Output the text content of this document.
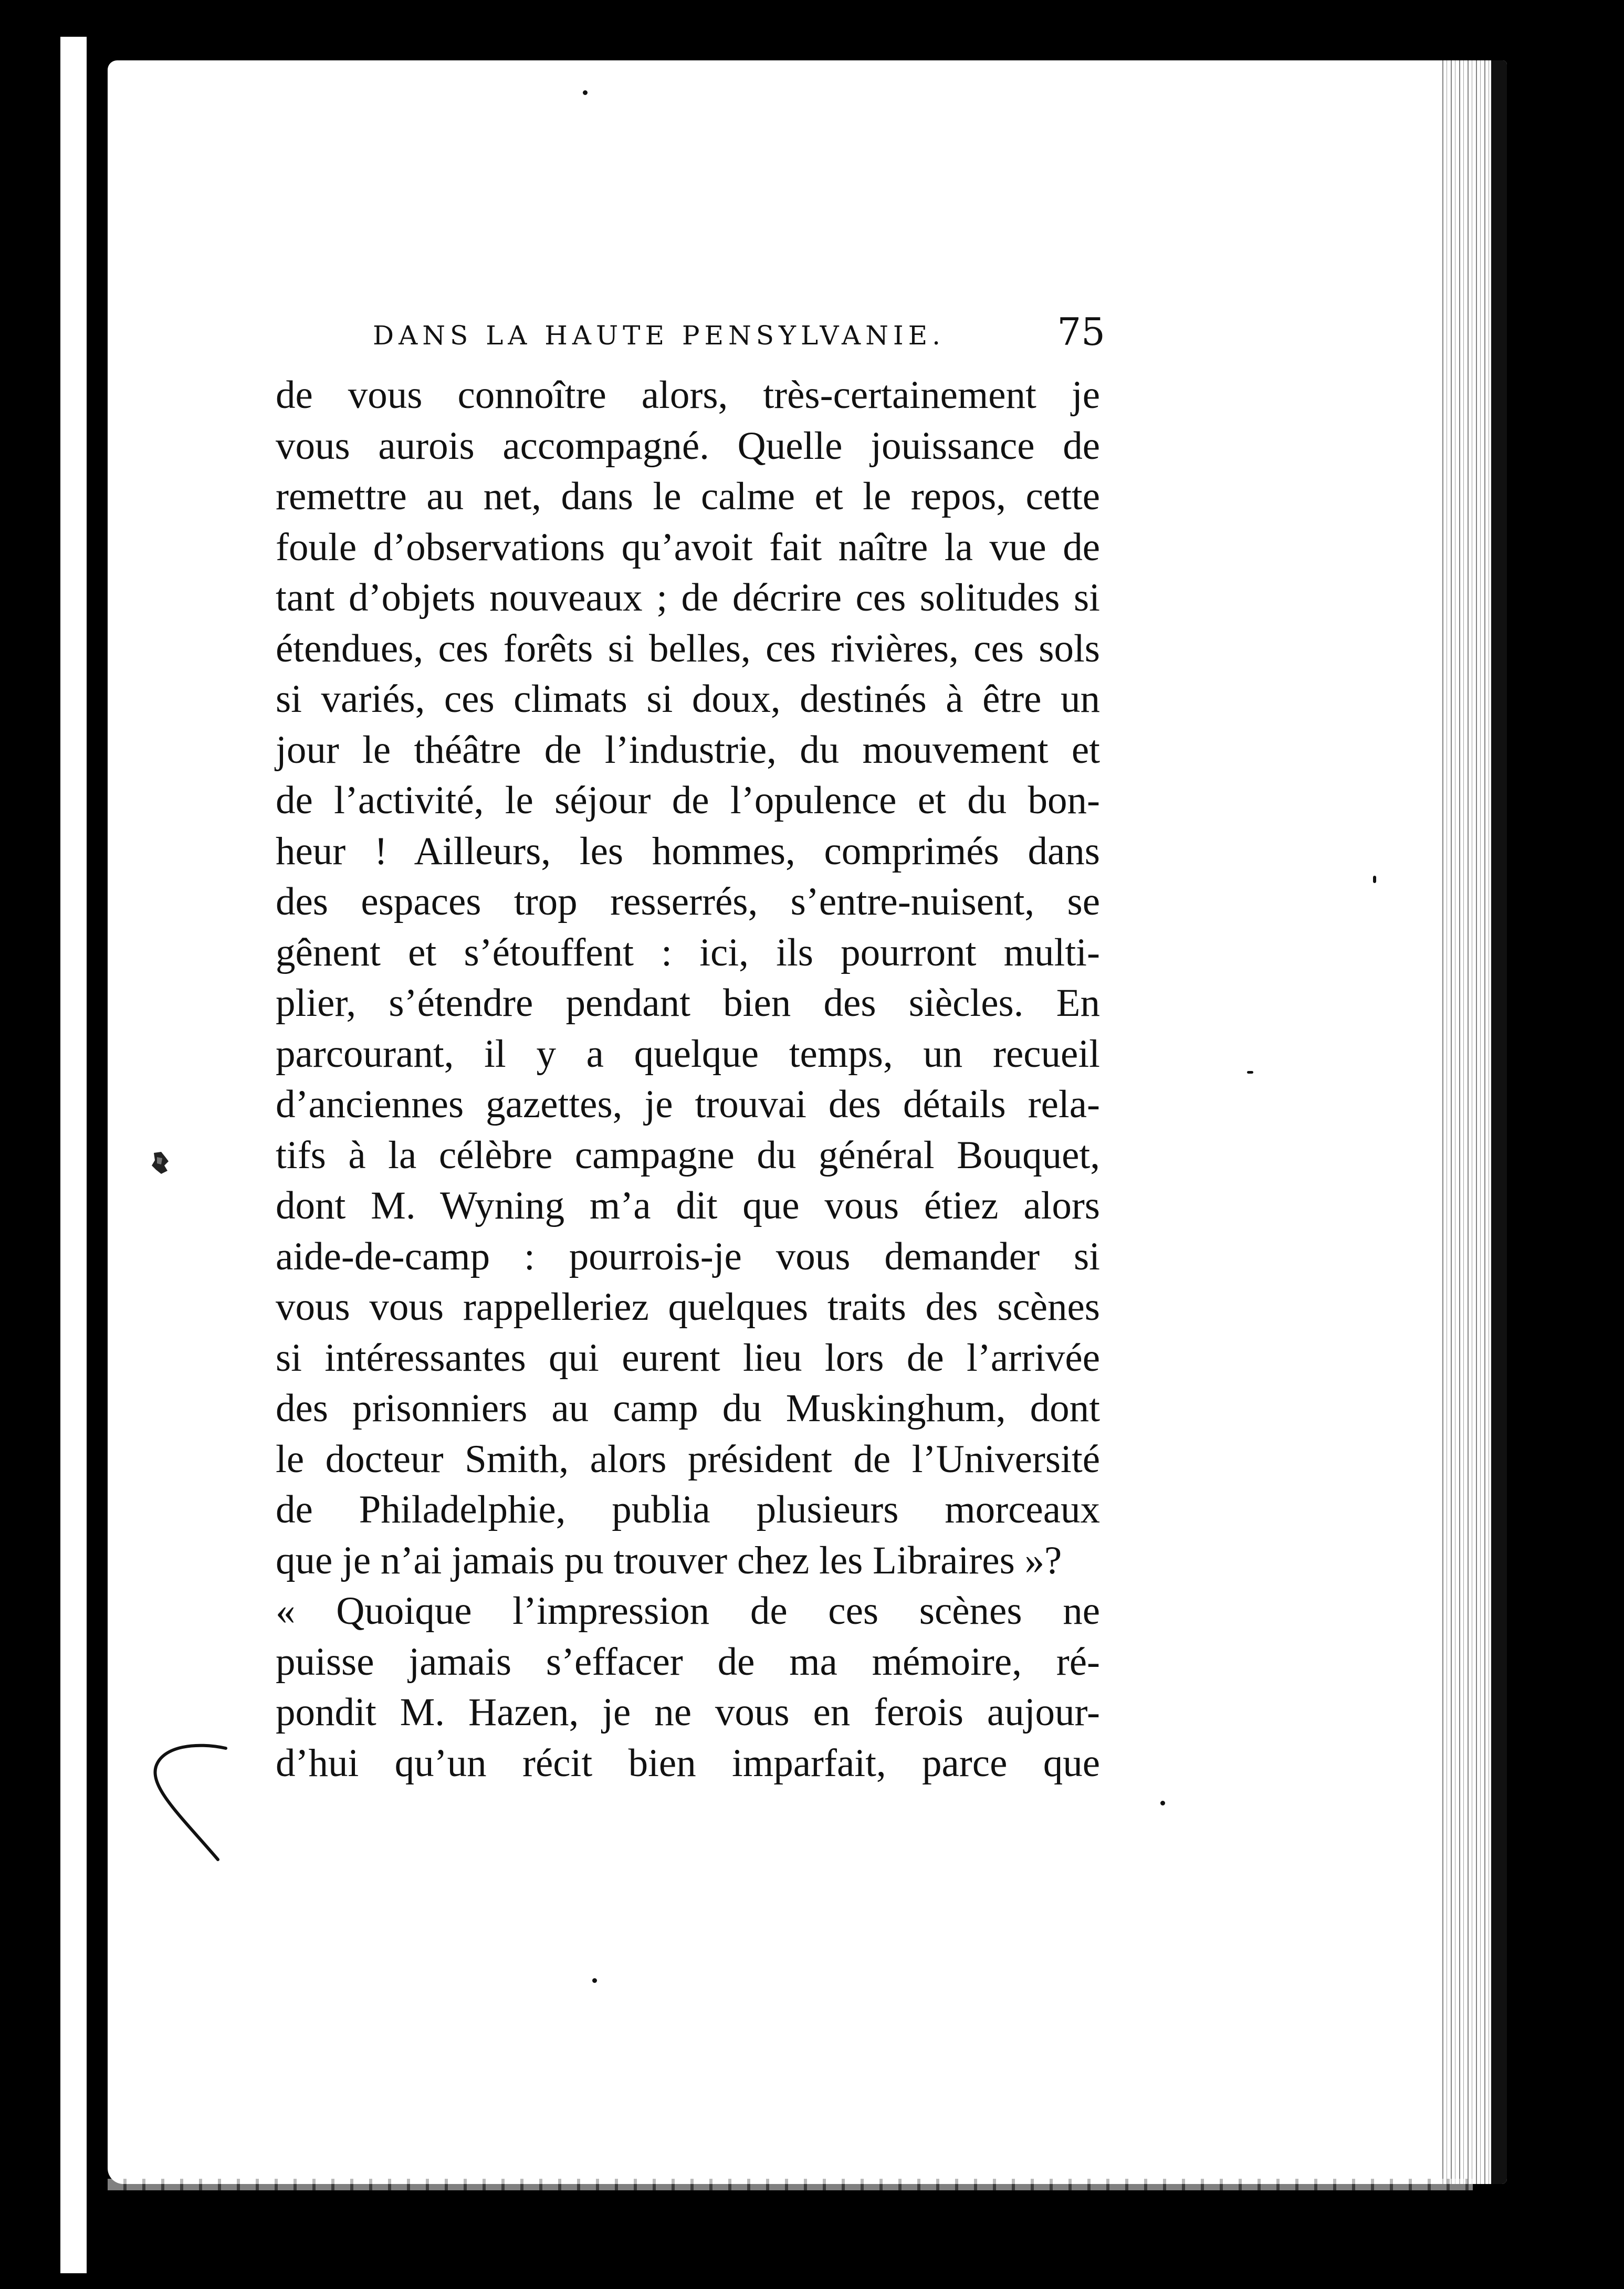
DANS LA HAUTE PENSYLVANIE.	75
de vous connoître alors, très-certainement je
vous aurois accompagné. Quelle jouissance de
remettre au net, dans le calme et le repos, cette
foule d’observations qu’avoit fait naître la vue de
tant d’objets nouveaux ; de décrire ces solitudes si
étendues, ces forêts si belles, ces rivières, ces sols
si variés, ces climats si doux, destinés à être un
jour le théâtre de l’industrie, du mouvement et
de l’activité, le séjour de l’opulence et du bon-
heur ! Ailleurs, les hommes, comprimés dans
des espaces trop resserrés, s’entre-nuisent, se
gênent et s’étouffent : ici, ils pourront multi-
plier, s’étendre pendant bien des siècles. En
parcourant, il y a quelque temps, un recueil
d’anciennes gazettes, je trouvai des détails rela-
tifs à la célèbre campagne du général Bouquet,
dont M. Wyning m’a dit que vous étiez alors
aide-de-camp : pourrois-je vous demander si
vous vous rappelleriez quelques traits des scènes
si intéressantes qui eurent lieu lors de l’arrivée
des prisonniers au camp du Muskinghum, dont
le docteur Smith, alors président de l’Université
de Philadelphie, publia plusieurs morceaux
que je n’ai jamais pu trouver chez les Libraires »?
« Quoique l’impression de ces scènes ne
puisse jamais s’effacer de ma mémoire, ré-
pondit M. Hazen, je ne vous en ferois aujour-
d’hui qu’un récit bien imparfait, parce que
